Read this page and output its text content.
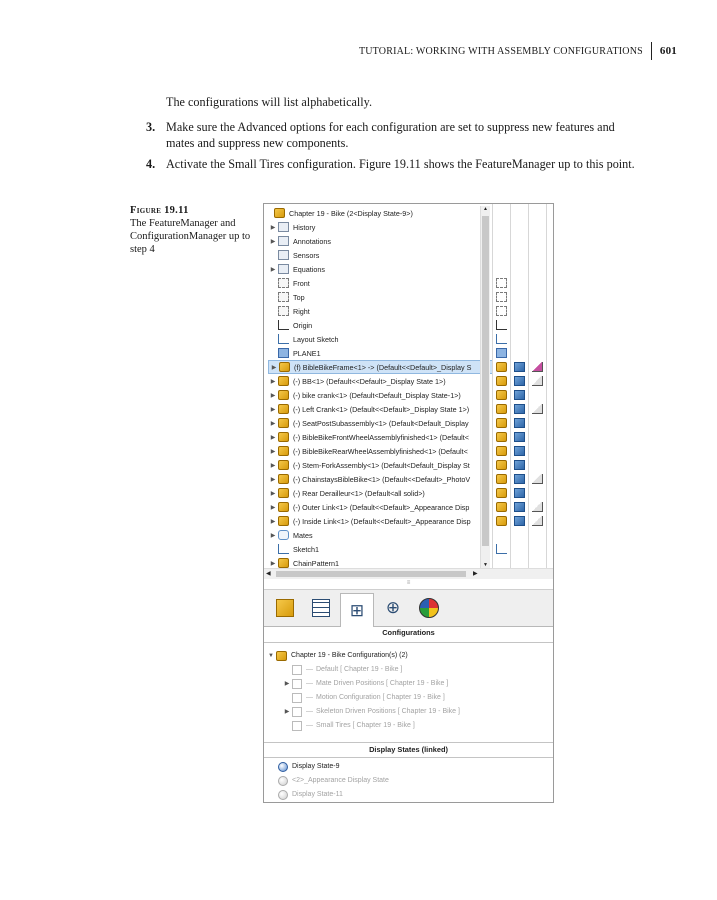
TUTORIAL: WORKING WITH ASSEMBLY CONFIGURATIONS	601
The configurations will list alphabetically.
3. Make sure the Advanced options for each configuration are set to suppress new features and mates and suppress new components.
4. Activate the Small Tires configuration. Figure 19.11 shows the FeatureManager up to this point.
Figure 19.11
The FeatureManager and ConfigurationManager up to step 4
Chapter 19 - Bike (2<Display State-9>)
▶	History
▶	Annotations
Sensors
▶	Equations
Front
Top
Right
Origin
Layout Sketch
PLANE1
▶	(f) BibleBikeFrame<1> -> (Default<<Default>_Display S
▶	(-) BB<1> (Default<<Default>_Display State 1>)
▶	(-) bike crank<1> (Default<Default_Display State-1>)
▶	(-) Left Crank<1> (Default<<Default>_Display State 1>)
▶	(-) SeatPostSubassembly<1> (Default<Default_Display
▶	(-) BibleBikeFrontWheelAssemblyfinished<1> (Default<
▶	(-) BibleBikeRearWheelAssemblyfinished<1> (Default<
▶	(-) Stem-ForkAssembly<1> (Default<Default_Display St
▶	(-) ChainstaysBibleBike<1> (Default<<Default>_PhotoV
▶	(-) Rear Derailleur<1> (Default<all solid>)
▶	(-) Outer Link<1> (Default<<Default>_Appearance Disp
▶	(-) Inside Link<1> (Default<<Default>_Appearance Disp
▶	Mates
Sketch1
▶	ChainPattern1
▲
▼
◀	▶
≡
⊞ ⊕
Configurations
▼ Chapter 19 - Bike Configuration(s) (2)
— Default [ Chapter 19 - Bike ]
▶	— Mate Driven Positions [ Chapter 19 - Bike ]
— Motion Configuration [ Chapter 19 - Bike ]
▶	— Skeleton Driven Positions [ Chapter 19 - Bike ]
— Small Tires [ Chapter 19 - Bike ]
Display States (linked)
Display State-9
<2>_Appearance Display State
Display State-11
